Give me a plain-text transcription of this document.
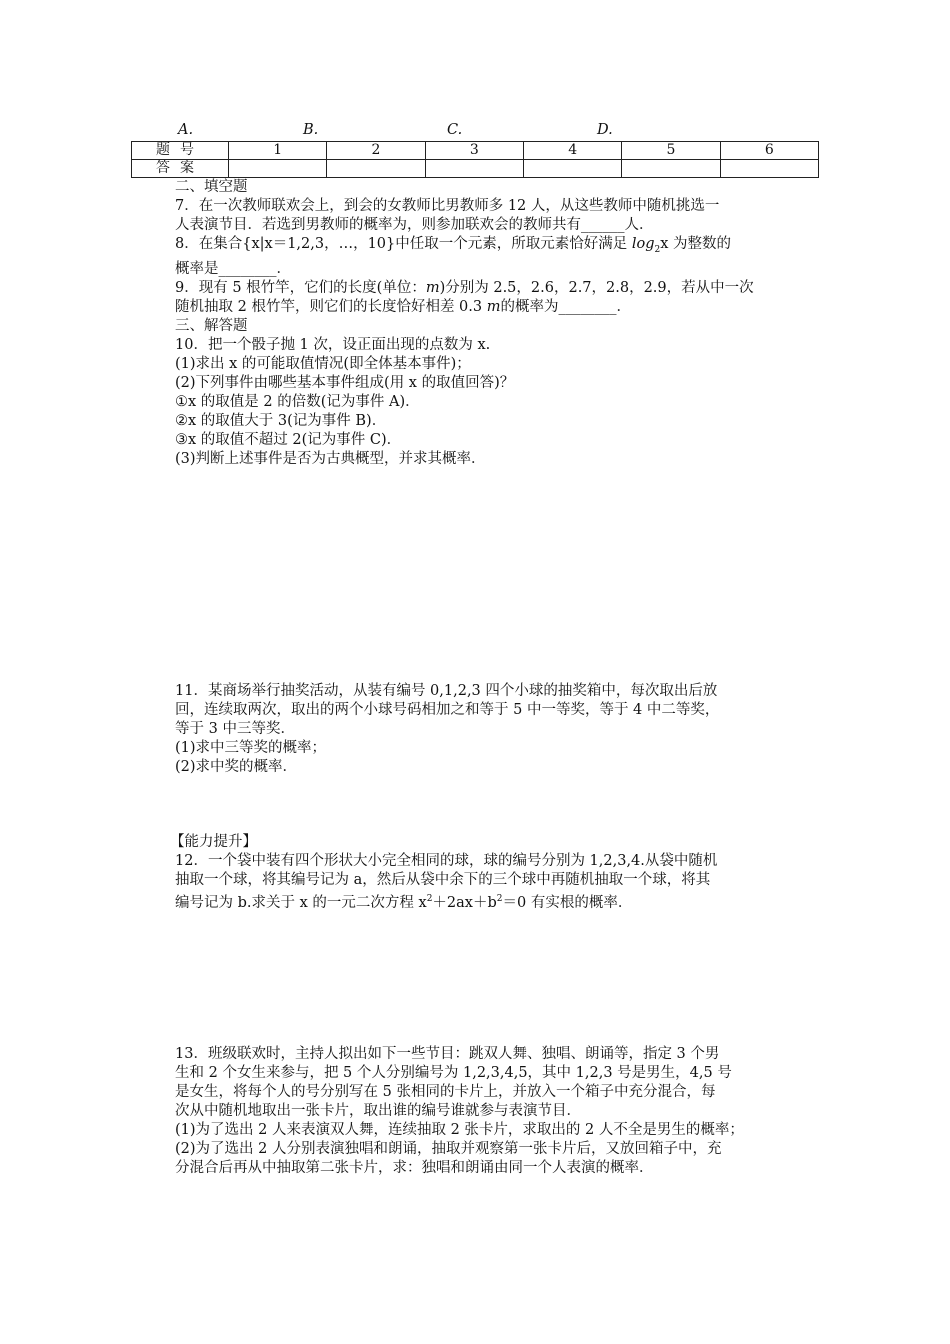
A.	B.	C.	D.
题号	1	2	3	4	5	6
答案						
二、填空题
7．在一次教师联欢会上，到会的女教师比男教师多 12 人，从这些教师中随机挑选一
人表演节目．若选到男教师的概率为，则参加联欢会的教师共有______人．
8．在集合{x|x＝1,2,3，…，10}中任取一个元素，所取元素恰好满足 $\log_2x$ 为整数的
概率是________．
9．现有 5 根竹竿，它们的长度(单位：m)分别为 2.5，2.6，2.7，2.8，2.9，若从中一次
随机抽取 2 根竹竿，则它们的长度恰好相差 0.3 m的概率为________．
三、解答题
10．把一个骰子抛 1 次，设正面出现的点数为 x.
(1)求出 x 的可能取值情况(即全体基本事件)；
(2)下列事件由哪些基本事件组成(用 x 的取值回答)？
①x 的取值是 2 的倍数(记为事件 A)．
②x 的取值大于 3(记为事件 B)．
③x 的取值不超过 2(记为事件 C)．
(3)判断上述事件是否为古典概型，并求其概率．
11．某商场举行抽奖活动，从装有编号 0,1,2,3 四个小球的抽奖箱中，每次取出后放
回，连续取两次，取出的两个小球号码相加之和等于 5 中一等奖，等于 4 中二等奖，
等于 3 中三等奖．
(1)求中三等奖的概率；
(2)求中奖的概率．
【能力提升】
12．一个袋中装有四个形状大小完全相同的球，球的编号分别为 1,2,3,4.从袋中随机
抽取一个球，将其编号记为 a，然后从袋中余下的三个球中再随机抽取一个球，将其
编号记为 b.求关于 x 的一元二次方程 $x^2+2ax+b^2=0$ 有实根的概率．
13．班级联欢时，主持人拟出如下一些节目：跳双人舞、独唱、朗诵等，指定 3 个男
生和 2 个女生来参与，把 5 个人分别编号为 1,2,3,4,5，其中 1,2,3 号是男生，4,5 号
是女生，将每个人的号分别写在 5 张相同的卡片上，并放入一个箱子中充分混合，每
次从中随机地取出一张卡片，取出谁的编号谁就参与表演节目．
(1)为了选出 2 人来表演双人舞，连续抽取 2 张卡片，求取出的 2 人不全是男生的概率；
(2)为了选出 2 人分别表演独唱和朗诵，抽取并观察第一张卡片后，又放回箱子中，充
分混合后再从中抽取第二张卡片，求：独唱和朗诵由同一个人表演的概率．
